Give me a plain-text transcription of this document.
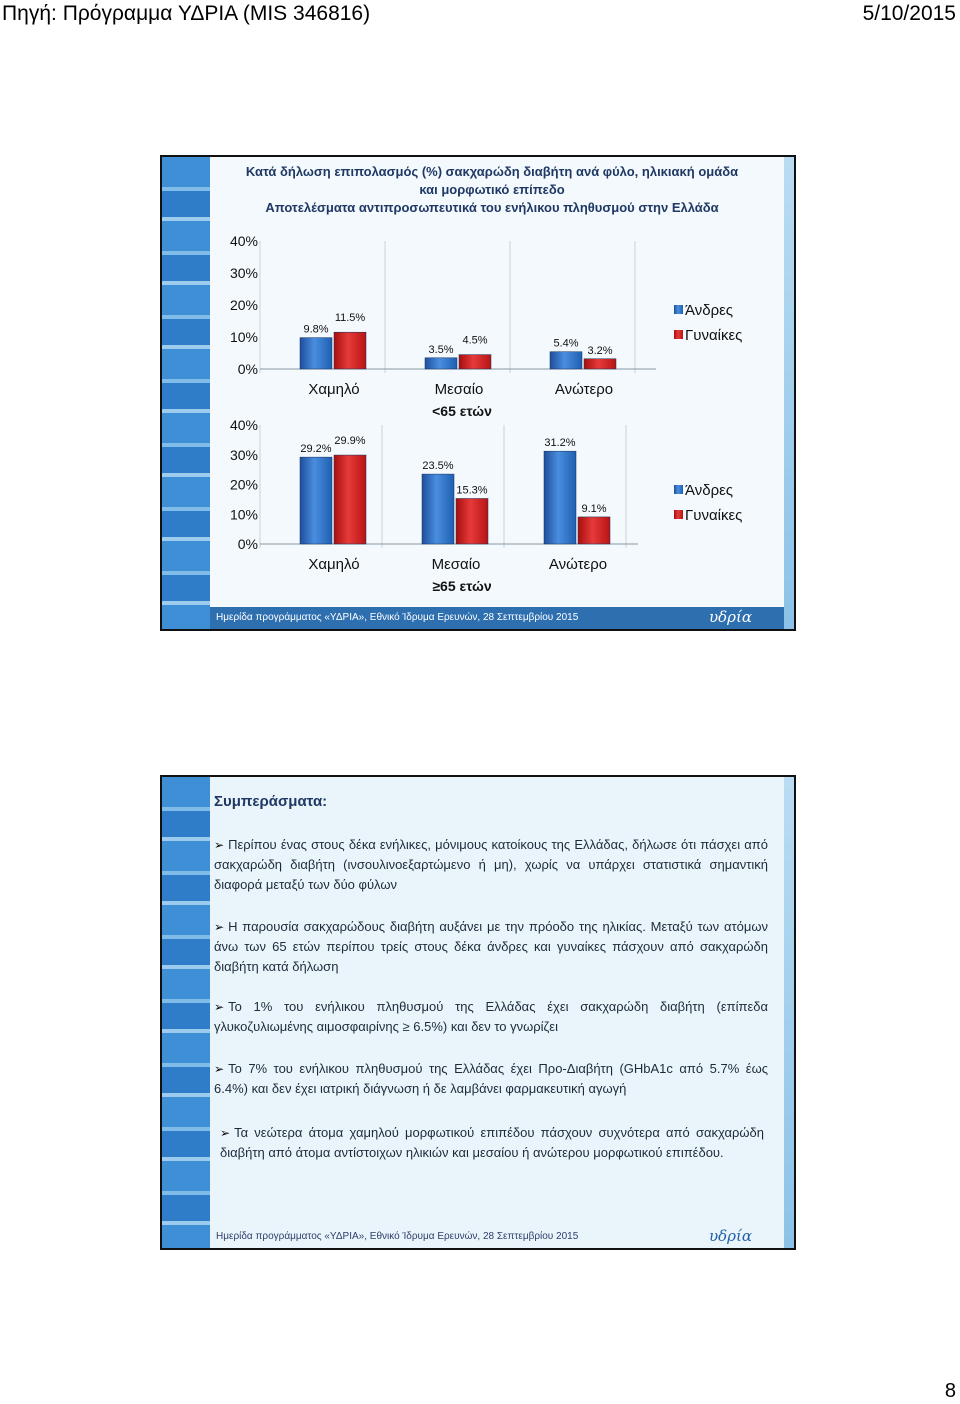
Πηγή: Πρόγραμμα ΥΔΡΙΑ (MIS 346816)	5/10/2015
Κατά δήλωση επιπολασμός (%) σακχαρώδη διαβήτη ανά φύλο, ηλικιακή ομάδα
και μορφωτικό επίπεδο
Αποτελέσματα αντιπροσωπευτικά του ενήλικου πληθυσμού στην Ελλάδα
0%
10%
20%
30%
40%
9.8%
11.5%
Χαμηλό
3.5%
4.5%
Μεσαίο
5.4%
3.2%
Ανώτερο
<65 ετών
Άνδρες
Γυναίκες
0%
10%
20%
30%
40%
29.2%
29.9%
Χαμηλό
23.5%
15.3%
Μεσαίο
31.2%
9.1%
Ανώτερο
≥65 ετών
Άνδρες
Γυναίκες
Ημερίδα προγράμματος «ΥΔΡΙΑ», Εθνικό Ίδρυμα Ερευνών, 28 Σεπτεμβρίου 2015	υδρία
Συμπεράσματα:
➢ Περίπου ένας στους δέκα ενήλικες, μόνιμους κατοίκους της Ελλάδας, δήλωσε ότι πάσχει από σακχαρώδη διαβήτη (ινσουλινοεξαρτώμενο ή μη), χωρίς να υπάρχει στατιστικά σημαντική διαφορά μεταξύ των δύο φύλων
➢ Η παρουσία σακχαρώδους διαβήτη αυξάνει με την πρόοδο της ηλικίας. Μεταξύ των ατόμων άνω των 65 ετών περίπου τρείς στους δέκα άνδρες και γυναίκες πάσχουν από σακχαρώδη διαβήτη κατά δήλωση
➢ Το 1% του ενήλικου πληθυσμού της Ελλάδας έχει σακχαρώδη διαβήτη (επίπεδα γλυκοζυλιωμένης αιμοσφαιρίνης ≥ 6.5%) και δεν το γνωρίζει
➢ Το 7% του ενήλικου πληθυσμού της Ελλάδας έχει Προ-Διαβήτη (GHbA1c από 5.7% έως 6.4%) και δεν έχει ιατρική διάγνωση ή δε λαμβάνει φαρμακευτική αγωγή
➢ Τα νεώτερα άτομα χαμηλού μορφωτικού επιπέδου πάσχουν συχνότερα από σακχαρώδη διαβήτη από άτομα αντίστοιχων ηλικιών και μεσαίου ή ανώτερου μορφωτικού επιπέδου.
Ημερίδα προγράμματος «ΥΔΡΙΑ», Εθνικό Ίδρυμα Ερευνών, 28 Σεπτεμβρίου 2015	υδρία
8
